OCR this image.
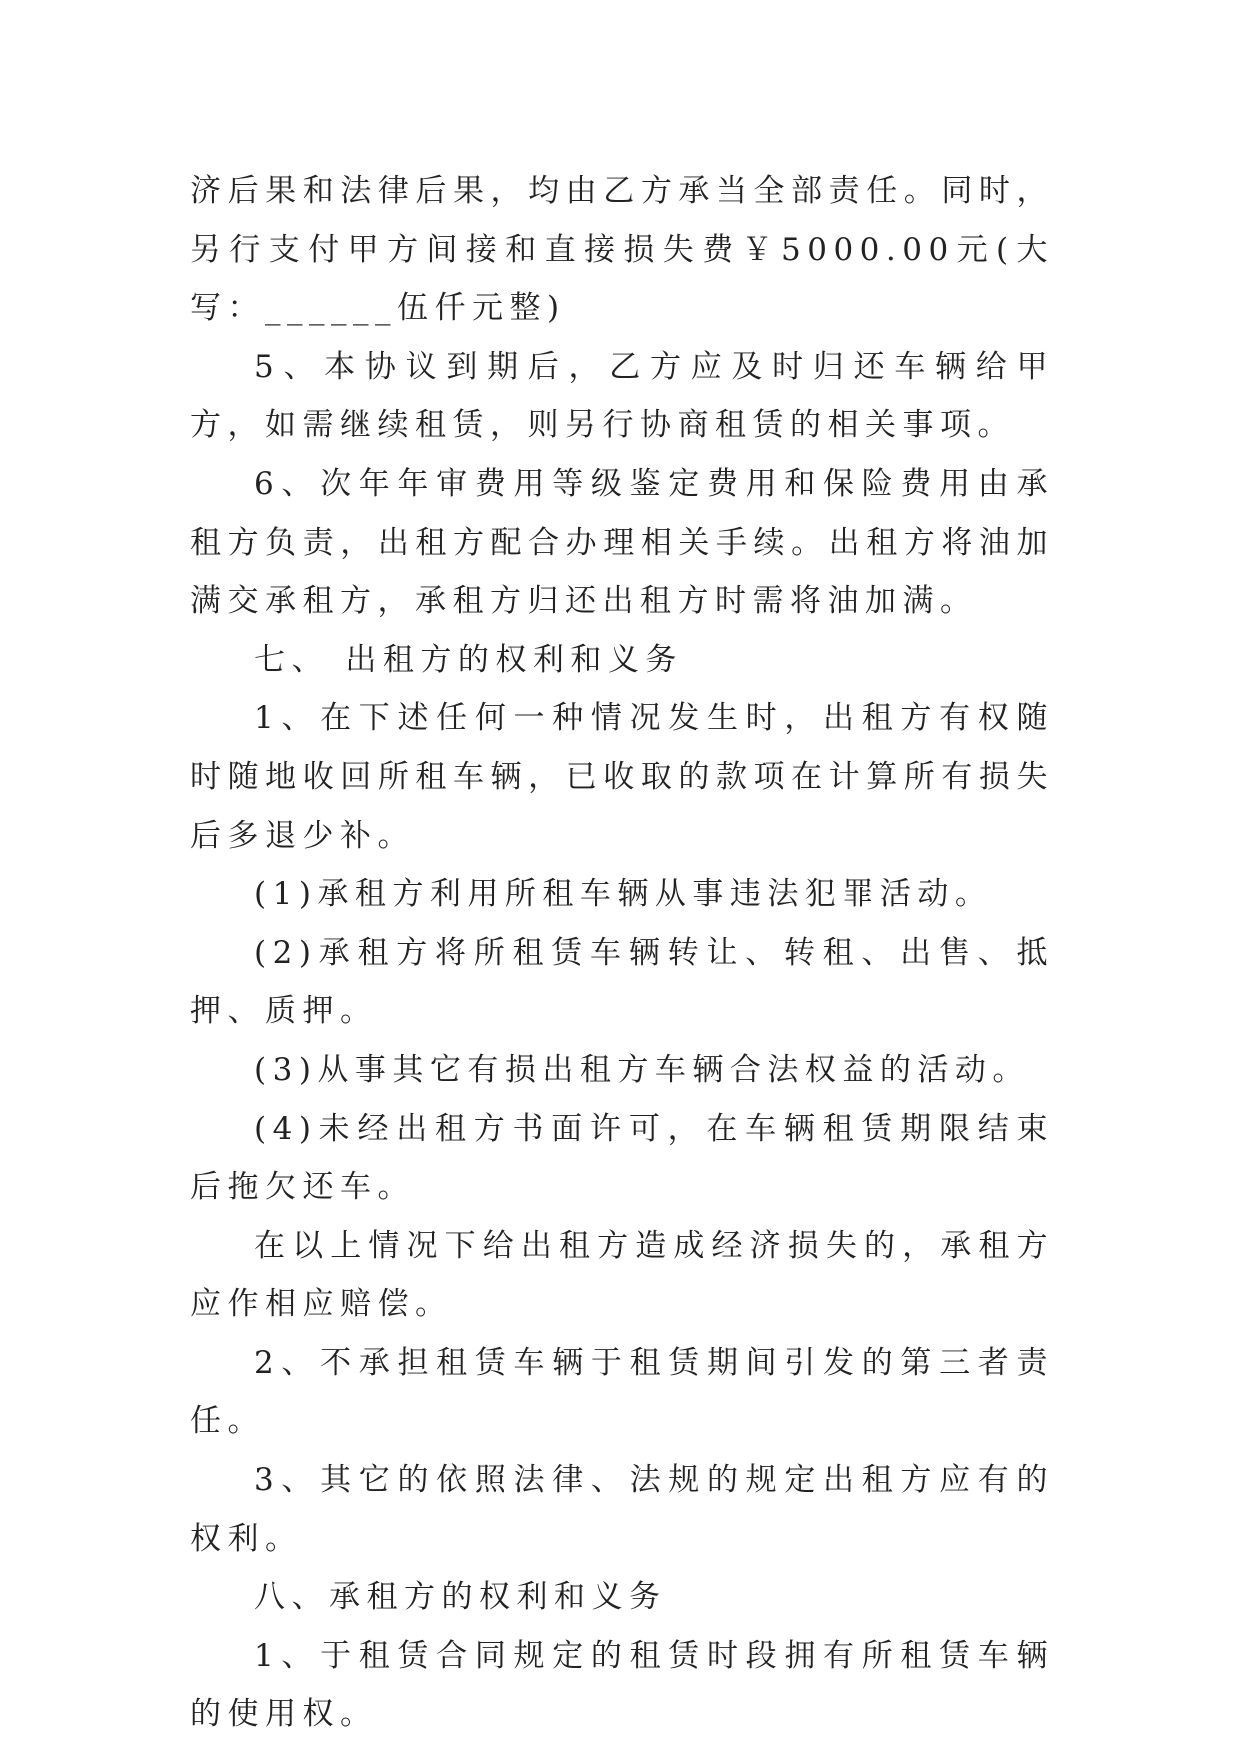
济后果和法律后果，均由乙方承当全部责任。同时，另行支付甲方间接和直接损失费￥5000.00元(大写：______伍仟元整)

5、本协议到期后，乙方应及时归还车辆给甲方，如需继续租赁，则另行协商租赁的相关事项。

6、次年年审费用等级鉴定费用和保险费用由承租方负责，出租方配合办理相关手续。出租方将油加满交承租方，承租方归还出租方时需将油加满。

七、 出租方的权利和义务

1、在下述任何一种情况发生时，出租方有权随时随地收回所租车辆，已收取的款项在计算所有损失后多退少补。

(1)承租方利用所租车辆从事违法犯罪活动。

(2)承租方将所租赁车辆转让、转租、出售、抵押、质押。

(3)从事其它有损出租方车辆合法权益的活动。

(4)未经出租方书面许可，在车辆租赁期限结束后拖欠还车。

在以上情况下给出租方造成经济损失的，承租方应作相应赔偿。

2、不承担租赁车辆于租赁期间引发的第三者责任。

3、其它的依照法律、法规的规定出租方应有的权利。

八、承租方的权利和义务

1、于租赁合同规定的租赁时段拥有所租赁车辆的使用权。
